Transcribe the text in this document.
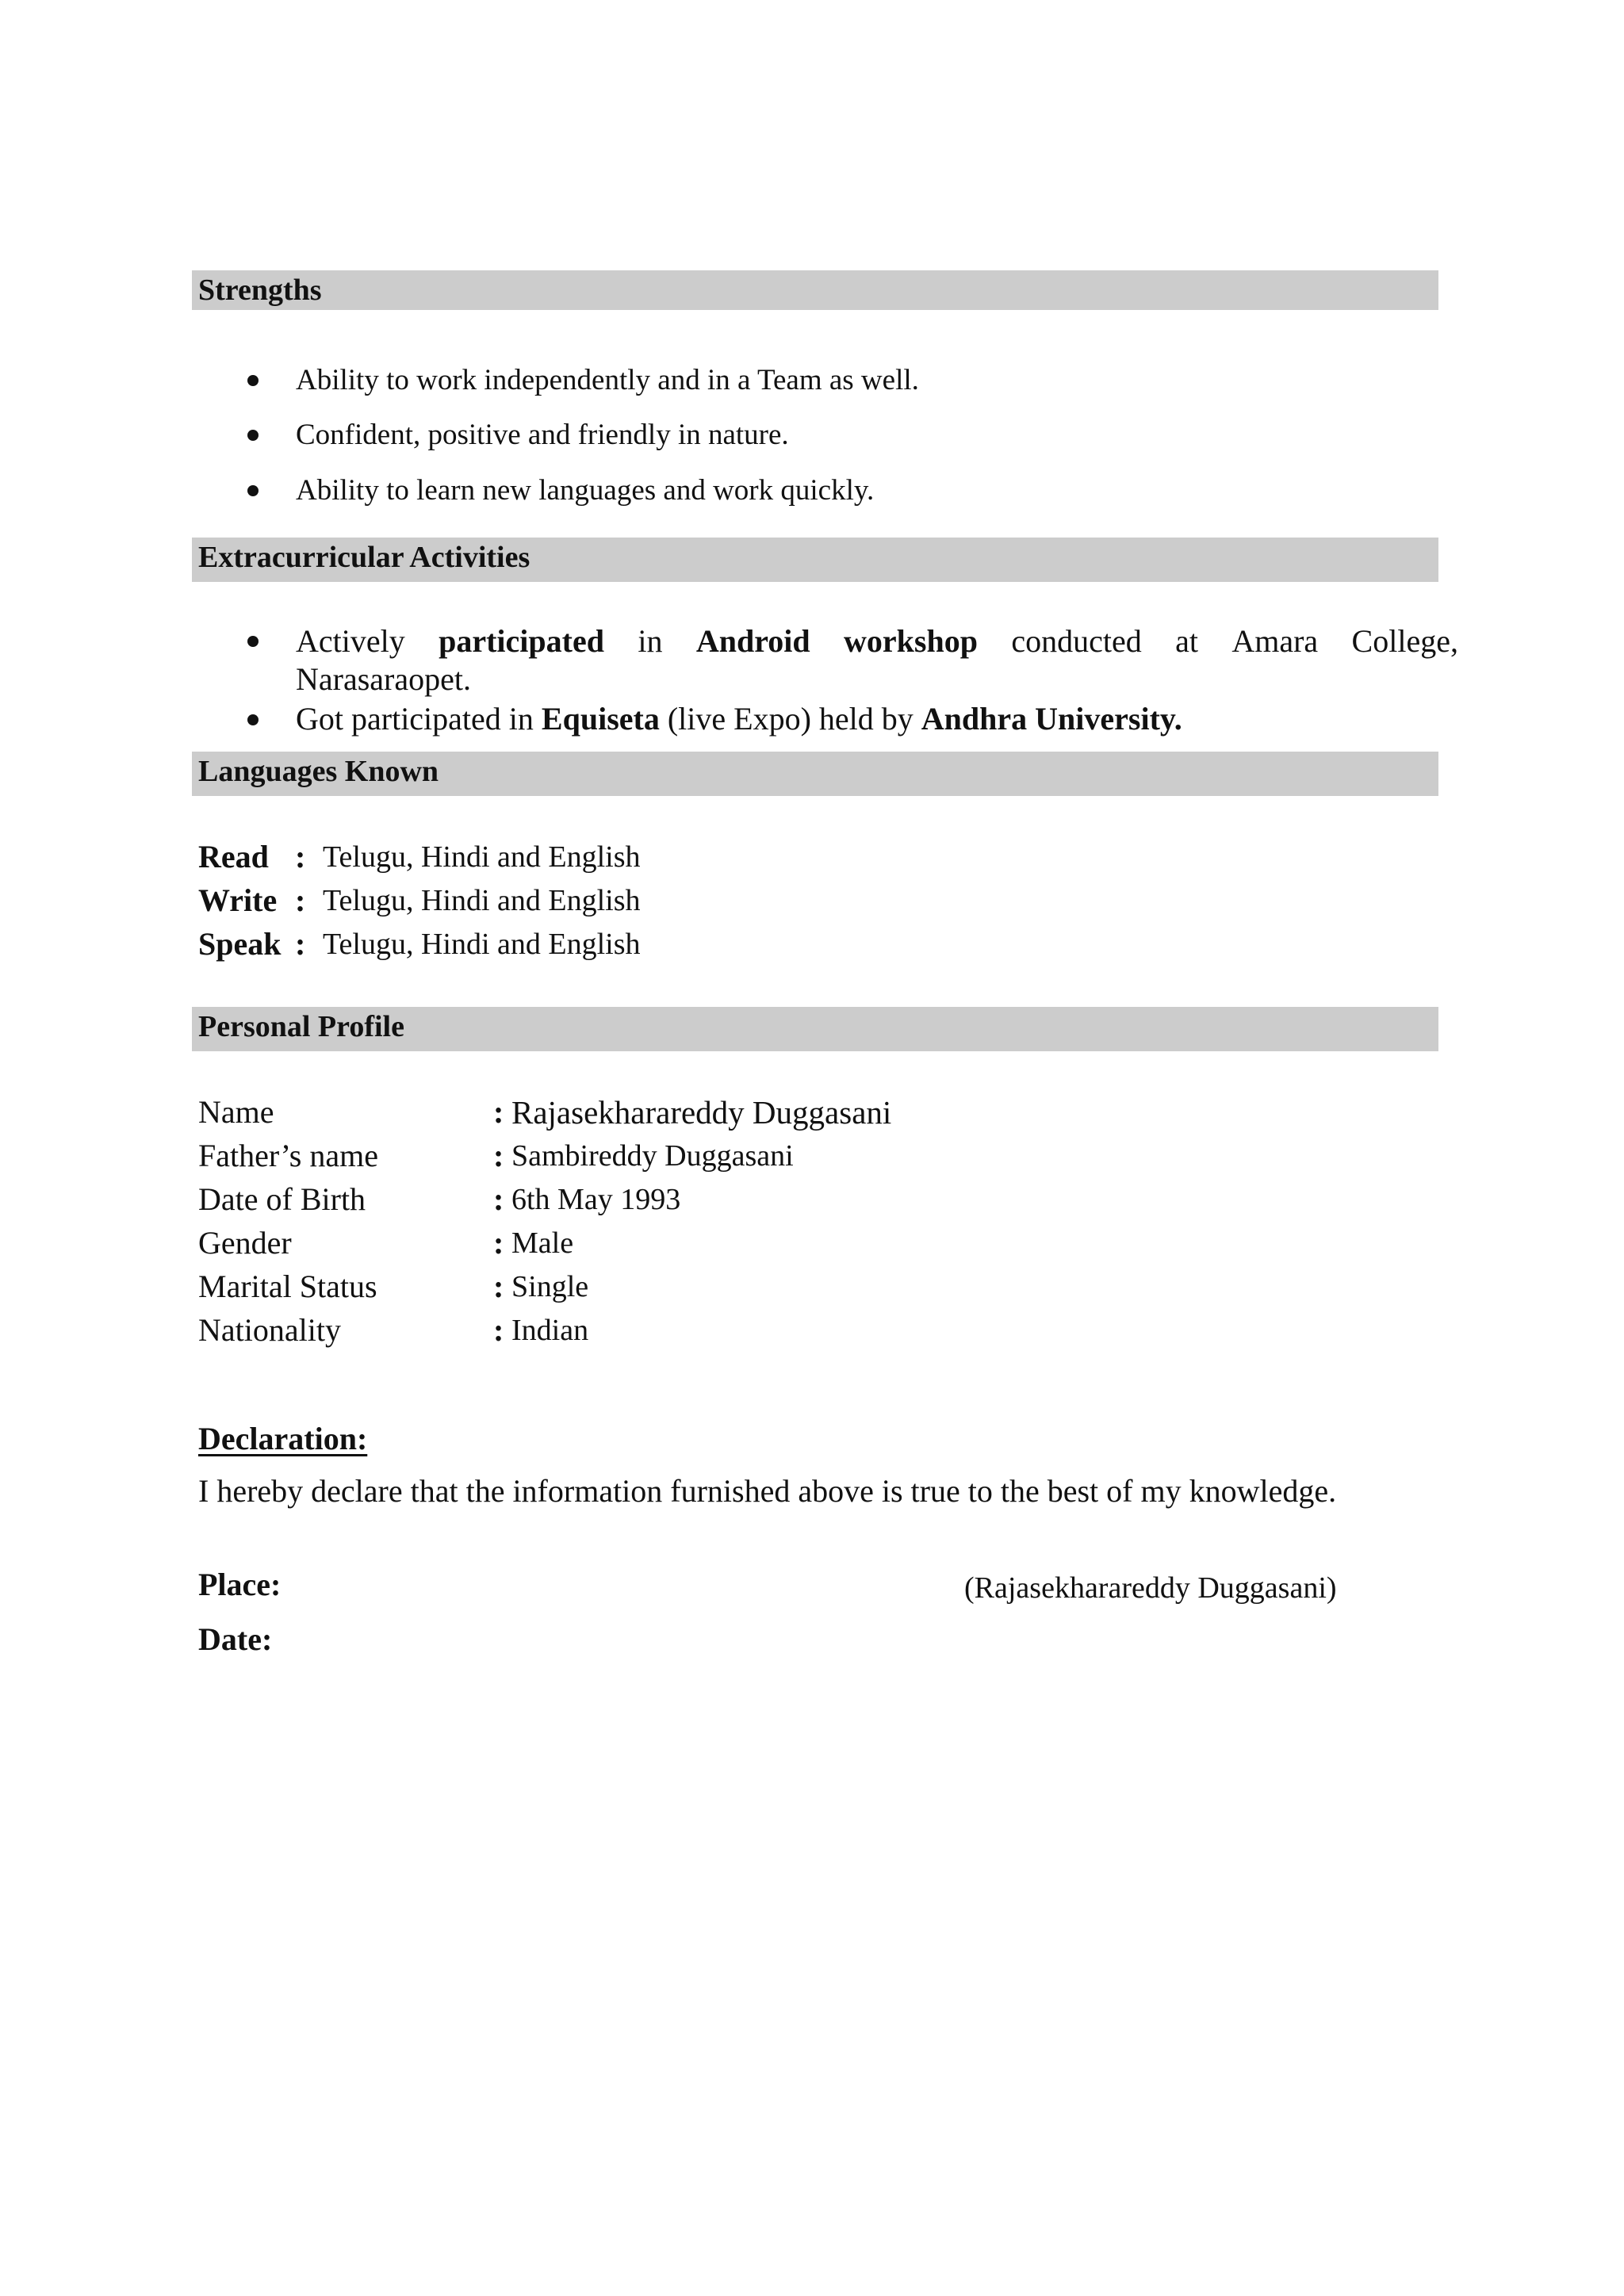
Strengths
Ability to work independently and in a Team as well.
Confident, positive and friendly in nature.
Ability to learn new languages and work quickly.
Extracurricular Activities
Actively participated in Android workshop conducted at Amara College,
Narasaraopet.
Got participated in Equiseta (live Expo) held by Andhra University.
Languages Known
Read : Telugu, Hindi and English
Write : Telugu, Hindi and English
Speak : Telugu, Hindi and English
Personal Profile
Name	: Rajasekharareddy Duggasani
Father’s name	: Sambireddy Duggasani
Date of Birth	: 6th May 1993
Gender	: Male
Marital Status	: Single
Nationality	: Indian
Declaration:
I hereby declare that the information furnished above is true to the best of my knowledge.
Place:
Date:
(Rajasekharareddy Duggasani)
